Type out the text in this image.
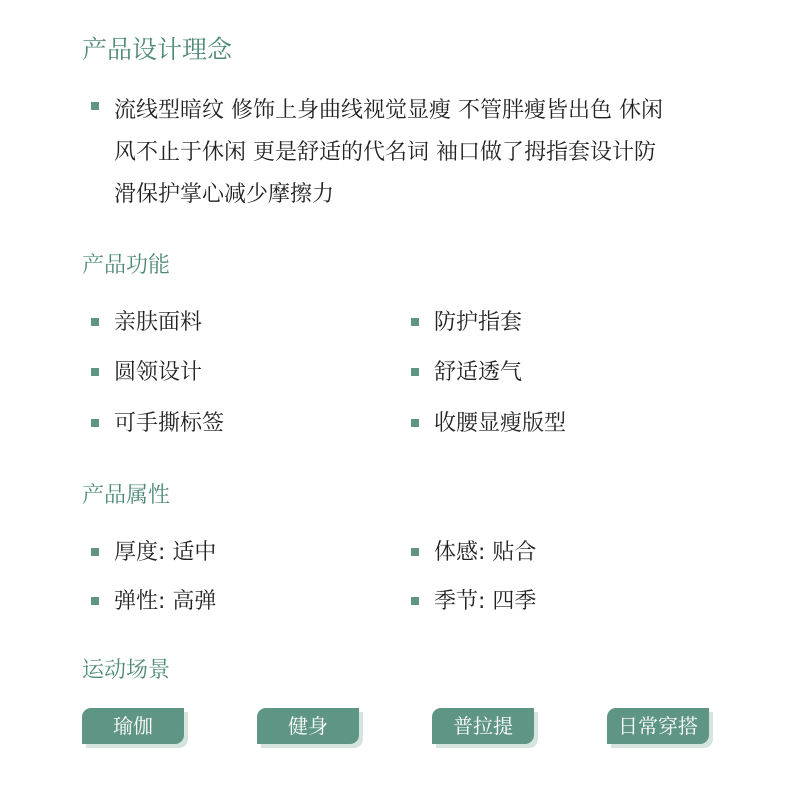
产品设计理念
流线型暗纹 修饰上身曲线视觉显瘦 不管胖瘦皆出色 休闲
风不止于休闲 更是舒适的代名词 袖口做了拇指套设计防
滑保护掌心减少摩擦力
产品功能
亲肤面料	防护指套
圆领设计	舒适透气
可手撕标签	收腰显瘦版型
产品属性
厚度: 适中	体感: 贴合
弹性: 高弹	季节: 四季
运动场景
瑜伽	健身	普拉提	日常穿搭
